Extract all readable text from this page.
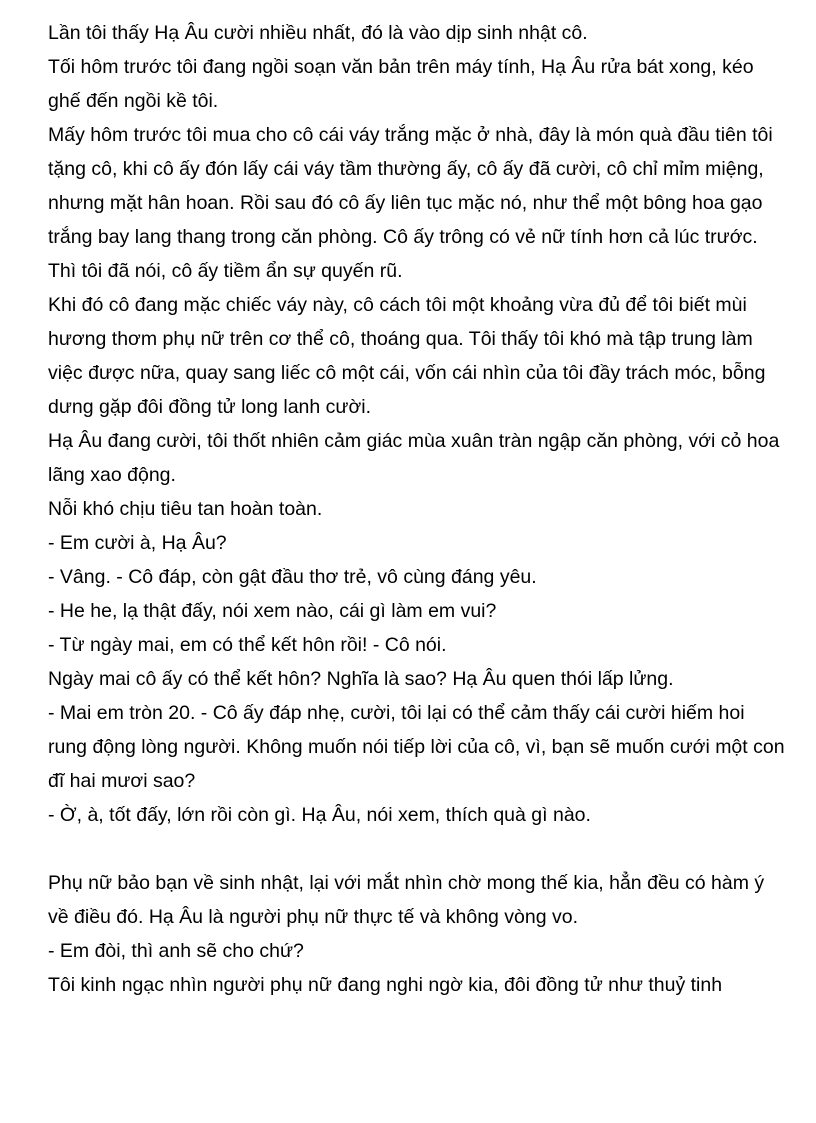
Lần tôi thấy Hạ Âu cười nhiều nhất, đó là vào dịp sinh nhật cô.

Tối hôm trước tôi đang ngồi soạn văn bản trên máy tính, Hạ Âu rửa bát xong, kéo ghế đến ngồi kề tôi.

Mấy hôm trước tôi mua cho cô cái váy trắng mặc ở nhà, đây là món quà đầu tiên tôi tặng cô, khi cô ấy đón lấy cái váy tầm thường ấy, cô ấy đã cười, cô chỉ mỉm miệng, nhưng mặt hân hoan. Rồi sau đó cô ấy liên tục mặc nó, như thể một bông hoa gạo trắng bay lang thang trong căn phòng. Cô ấy trông có vẻ nữ tính hơn cả lúc trước.

Thì tôi đã nói, cô ấy tiềm ẩn sự quyến rũ.

Khi đó cô đang mặc chiếc váy này, cô cách tôi một khoảng vừa đủ để tôi biết mùi hương thơm phụ nữ trên cơ thể cô, thoáng qua. Tôi thấy tôi khó mà tập trung làm việc được nữa, quay sang liếc cô một cái, vốn cái nhìn của tôi đầy trách móc, bỗng dưng gặp đôi đồng tử long lanh cười.

Hạ Âu đang cười, tôi thốt nhiên cảm giác mùa xuân tràn ngập căn phòng, với cỏ hoa lãng xao động.

Nỗi khó chịu tiêu tan hoàn toàn.

- Em cười à, Hạ Âu?

- Vâng. - Cô đáp, còn gật đầu thơ trẻ, vô cùng đáng yêu.

- He he, lạ thật đấy, nói xem nào, cái gì làm em vui?

- Từ ngày mai, em có thể kết hôn rồi! - Cô nói.

Ngày mai cô ấy có thể kết hôn? Nghĩa là sao? Hạ Âu quen thói lấp lửng.

- Mai em tròn 20. - Cô ấy đáp nhẹ, cười, tôi lại có thể cảm thấy cái cười hiếm hoi rung động lòng người. Không muốn nói tiếp lời của cô, vì, bạn sẽ muốn cưới một con đĩ hai mươi sao?

- Ờ, à, tốt đấy, lớn rồi còn gì. Hạ Âu, nói xem, thích quà gì nào.

Phụ nữ bảo bạn về sinh nhật, lại với mắt nhìn chờ mong thế kia, hẳn đều có hàm ý về điều đó. Hạ Âu là người phụ nữ thực tế và không vòng vo.

- Em đòi, thì anh sẽ cho chứ?

Tôi kinh ngạc nhìn người phụ nữ đang nghi ngờ kia, đôi đồng tử như thuỷ tinh
